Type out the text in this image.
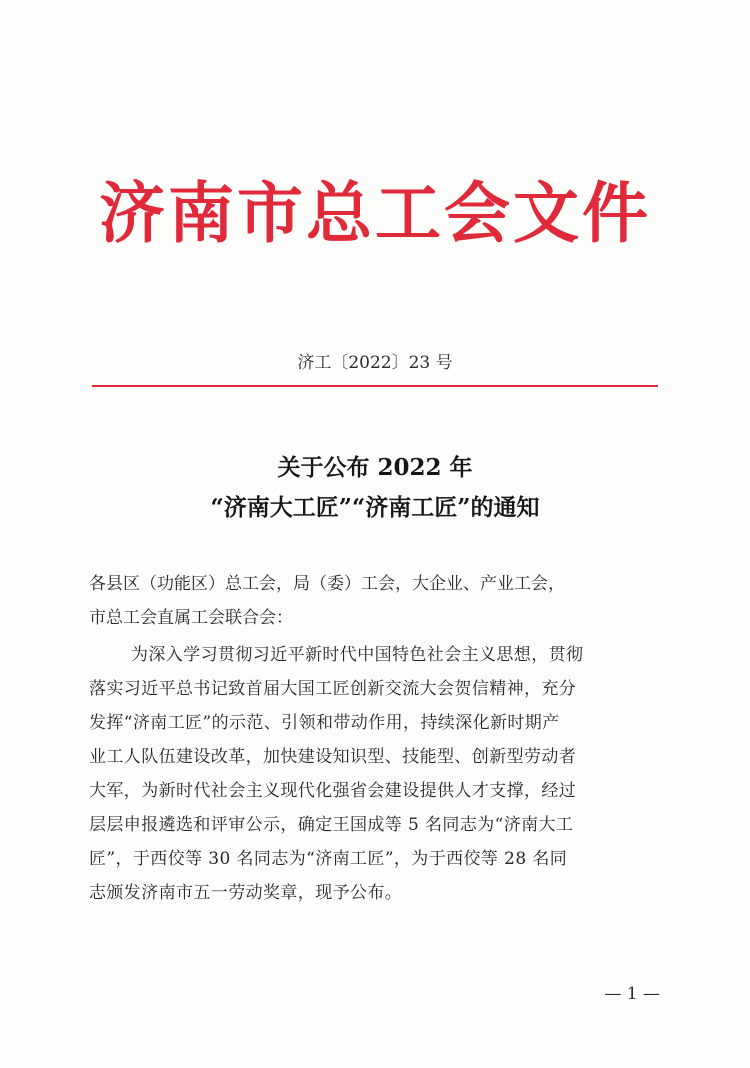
济南市总工会文件
济工〔2022〕23 号
关于公布 2022 年
“济南大工匠”“济南工匠”的通知
各县区（功能区）总工会，局（委）工会，大企业、产业工会，
市总工会直属工会联合会：
为深入学习贯彻习近平新时代中国特色社会主义思想，贯彻
落实习近平总书记致首届大国工匠创新交流大会贺信精神，充分
发挥“济南工匠”的示范、引领和带动作用，持续深化新时期产
业工人队伍建设改革，加快建设知识型、技能型、创新型劳动者
大军，为新时代社会主义现代化强省会建设提供人才支撑，经过
层层申报遴选和评审公示，确定王国成等 5 名同志为“济南大工
匠”，于西佼等 30 名同志为“济南工匠”，为于西佼等 28 名同
志颁发济南市五一劳动奖章，现予公布。
— 1 —
